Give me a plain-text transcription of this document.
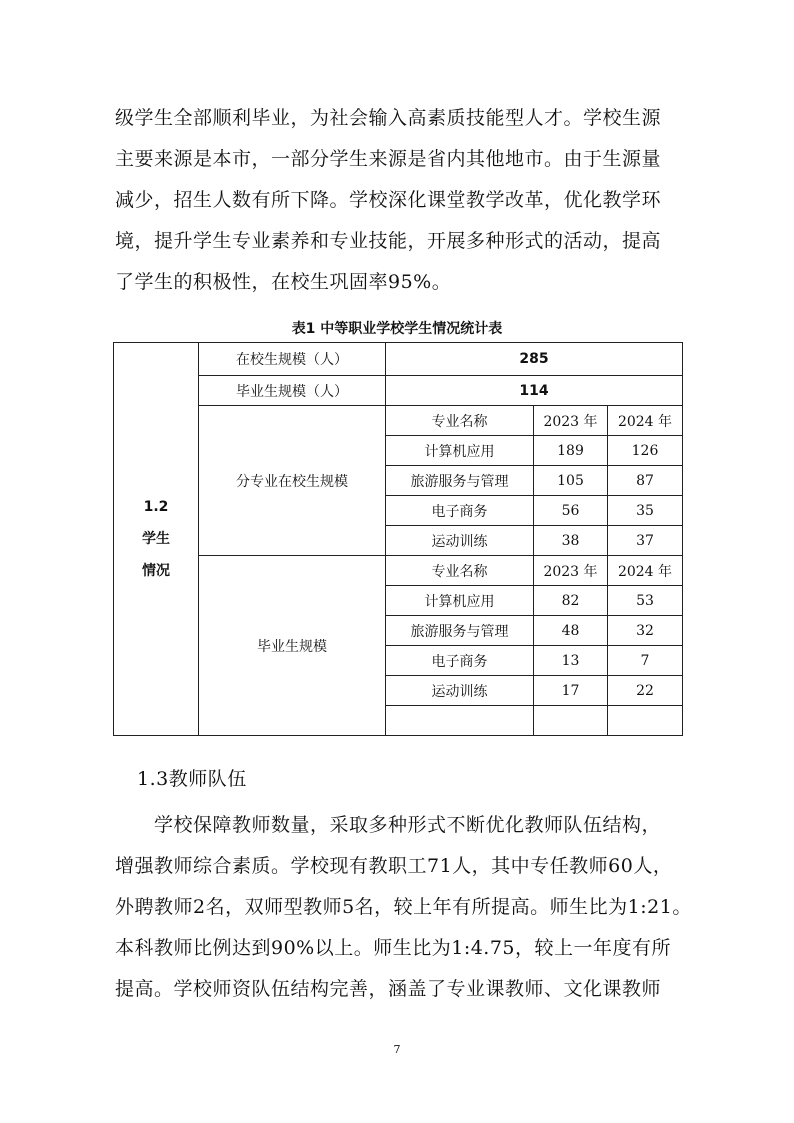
级学生全部顺利毕业，为社会输入高素质技能型人才。学校生源
主要来源是本市，一部分学生来源是省内其他地市。由于生源量
减少，招生人数有所下降。学校深化课堂教学改革，优化教学环
境，提升学生专业素养和专业技能，开展多种形式的活动，提高
了学生的积极性，在校生巩固率95%。
表1 中等职业学校学生情况统计表
1.2
学生
情况	在校生规模（人）	285		
	毕业生规模（人）	114		
	分专业在校生规模	专业名称	2023 年	2024 年
		计算机应用	189	126
		旅游服务与管理	105	87
		电子商务	56	35
		运动训练	38	37
	毕业生规模	专业名称	2023 年	2024 年
		计算机应用	82	53
		旅游服务与管理	48	32
		电子商务	13	7
		运动训练	17	22

1.3教师队伍
　　学校保障教师数量，采取多种形式不断优化教师队伍结构，
增强教师综合素质。学校现有教职工71人，其中专任教师60人，
外聘教师2名，双师型教师5名，较上年有所提高。师生比为1:21。
本科教师比例达到90%以上。师生比为1:4.75，较上一年度有所
提高。学校师资队伍结构完善，涵盖了专业课教师、文化课教师
7
